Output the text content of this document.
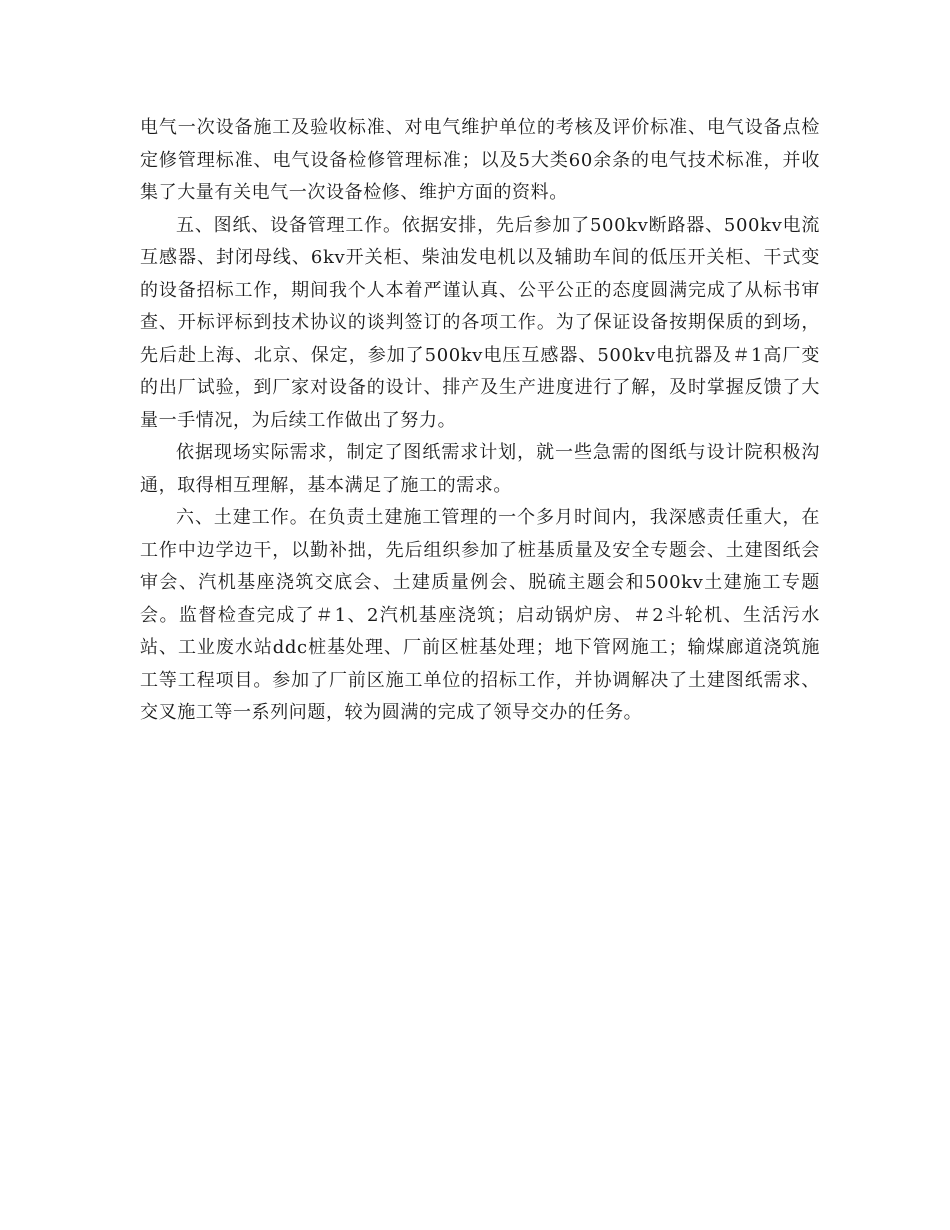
电气一次设备施工及验收标准、对电气维护单位的考核及评价标准、电气设备点检定修管理标准、电气设备检修管理标准；以及5大类60余条的电气技术标准，并收集了大量有关电气一次设备检修、维护方面的资料。

五、图纸、设备管理工作。依据安排，先后参加了500kv断路器、500kv电流互感器、封闭母线、6kv开关柜、柴油发电机以及辅助车间的低压开关柜、干式变的设备招标工作，期间我个人本着严谨认真、公平公正的态度圆满完成了从标书审查、开标评标到技术协议的谈判签订的各项工作。为了保证设备按期保质的到场，先后赴上海、北京、保定，参加了500kv电压互感器、500kv电抗器及＃1高厂变的出厂试验，到厂家对设备的设计、排产及生产进度进行了解，及时掌握反馈了大量一手情况，为后续工作做出了努力。

依据现场实际需求，制定了图纸需求计划，就一些急需的图纸与设计院积极沟通，取得相互理解，基本满足了施工的需求。

六、土建工作。在负责土建施工管理的一个多月时间内，我深感责任重大，在工作中边学边干，以勤补拙，先后组织参加了桩基质量及安全专题会、土建图纸会审会、汽机基座浇筑交底会、土建质量例会、脱硫主题会和500kv土建施工专题会。监督检查完成了＃1、2汽机基座浇筑；启动锅炉房、＃2斗轮机、生活污水站、工业废水站ddc桩基处理、厂前区桩基处理；地下管网施工；输煤廊道浇筑施工等工程项目。参加了厂前区施工单位的招标工作，并协调解决了土建图纸需求、交叉施工等一系列问题，较为圆满的完成了领导交办的任务。
